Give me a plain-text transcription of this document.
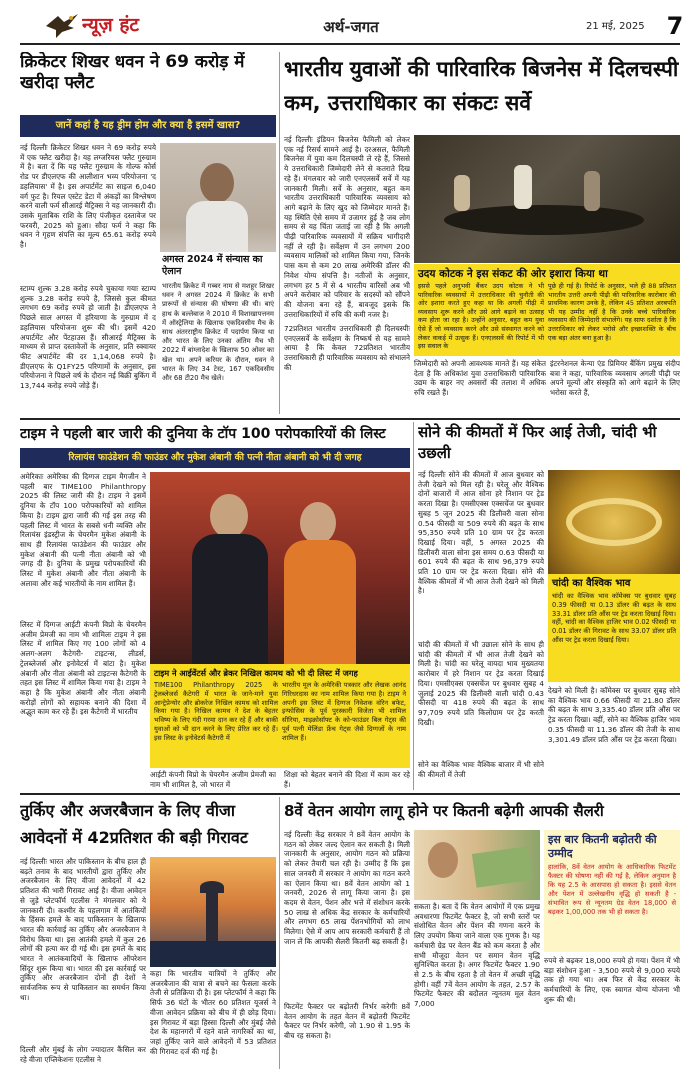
न्यूज़ हंट	अर्थ-जगत	21 मई, 2025 7
क्रिकेटर शिखर धवन ने 69 करोड़ में खरीदा फ्लैट
जानें कहां है यह ड्रीम होम और क्या है इसमें खास?
नई दिल्लीः क्रिकेटर शिखर धवन ने 69 करोड़ रुपये में एक फ्लैट खरीदा है। यह लग्जरियस फ्लैट गुरुग्राम में है। बता दें कि यह फ्लैट गुरुग्राम के गोल्फ कोर्स रोड पर डीएलएफ की आलीशान भव्य परियोजना 'द डहलियास' में है। इस अपार्टमेंट का साइज 6,040 वर्ग फुट है। रियल एस्टेट डेटा में अंकड़ों का विश्लेषण करने वाली फर्म सीआरई मैट्रिक्स ने यह जानकारी दी। उसके मुताबिक राशि के लिए पंजीकृत दस्तावेज पर फरवरी, 2025 को हुआ। सौदा फर्म ने कहा कि धवन ने गृहण संपत्ति का मूल्य 65.61 करोड़ रुपये है।
स्टाम्प शुल्क 3.28 करोड़ रुपये चुकाया गयाः स्टाम्प शुल्क 3.28 करोड़ रुपये है, जिससे कुल कीमत लगभग 69 करोड़ रुपये हो जाती है। डीएलएफ ने पिछले साल अगस्त में हरियाणा के गुरुग्राम में द डहलियास परियोजना शुरू की थी। इसमें 420 अपार्टमेंट और पेंटहाउस हैं। सीआरई मैट्रिक्स के माध्यम से प्राप्त दस्तावेजों के अनुसार, प्रति स्क्वायर फीट अपार्टमेंट की दर 1,14,068 रुपये है। डीएलएफ के Q1FY25 परिणामों के अनुसार, इस परियोजना ने पिछले वर्ष के दौरान नई बिक्री बुकिंग में 13,744 करोड़ रुपये जोड़े हैं।
अगस्त 2024 में संन्यास का ऐलान
भारतीय क्रिकेट में गब्बर नाम से मशहूर शिखर धवन ने अगस्त 2024 में क्रिकेट के सभी प्रारूपों से संन्यास की घोषणा की थी। बाएं हाथ के बल्लेबाज ने 2010 में विशाखापत्तनम में ऑस्ट्रेलिया के खिलाफ एकदिवसीय मैच के साथ अंतरराष्ट्रीय क्रिकेट में पदार्पण किया था और भारत के लिए उनका अंतिम मैच भी 2022 में बांग्लादेश के खिलाफ 50 ओवर का खेल था। अपने करियर के दौरान, धवन ने भारत के लिए 34 टेस्ट, 167 एकदिवसीय और 68 टी20 मैच खेले।
भारतीय युवाओं की पारिवारिक बिजनेस में दिलचस्पी कम, उत्तराधिकार का संकटः सर्वे
नई दिल्लीः इंडियन बिजनेस फैमिली को लेकर एक नई रिसर्च सामने आई है। दरअसल, फैमिली बिजनेस में युवा कम दिलचस्पी ले रहे हैं, जिससे ये उत्तराधिकारी जिम्मेदारी लेने से कतराते दिख रहे हैं। मंगलवार को जारी एनएलसर्वे सर्वे में यह जानकारी मिली। सर्वे के अनुसार, बहुत कम भारतीय उत्तराधिकारी पारिवारिक व्यवसाय को आगे बढ़ाने के लिए खुद को जिम्मेदार मानते हैं। यह स्थिति ऐसे समय में उजागर हुई है जब लोग समय से यह चिंता जताई जा रही है कि अगली पीढ़ी पारिवारिक व्यवसायों में सक्रिय भागीदारी नहीं ले रही है। सर्वेक्षण में उन लगभग 200 व्यवसाय मालिकों को शामिल किया गया, जिनके पास कम से कम 20 लाख अमेरिकी डॉलर की निवेश योग्य संपत्ति है। नतीजों के अनुसार, लगभग हर 5 में से 4 भारतीय वारिसों अब भी अपने करोबार को परिवार के सदस्यों को सौंपने की योजना बना रहे हैं, बावजूद इसके कि उत्तराधिकारियों में रुचि की कमी नजर है।
72प्रतिशत भारतीय उत्तराधिकारी ही दिलचस्पीः एनएलसर्वे के सर्वेक्षण के निष्कर्ष से यह सामने आया है कि केवल 72प्रतिशत भारतीय उत्तराधिकारी ही पारिवारिक व्यवसाय को संभालने की
उदय कोटक ने इस संकट की ओर इशारा किया था
इससे पहले अनुभवी बैंकर उदय कोटक ने भी पारिवारिक व्यवसायों में उत्तराधिकार की चुनौती की ओर इशारा करते हुए कहा था कि अगली पीढ़ी में व्यवसाय शुरू करने और उसे आगे बढ़ाने का उत्साह कम होता जा रहा है। उन्होंने अनुसार, बहुत कम युवा ऐसे हैं जो व्यवसाय करने और उसे संस्थागत करने को लेकर वाकई में उत्सुक हैं। एनएलसर्वे की रिपोर्ट में भी इस सवाल के
पूछे ही गई है। रिपोर्ट के अनुसार, भले ही 88 प्रतिशत भारतीय उत्तरी अपनी पीढ़ी की पारिवारिक कारोबार की प्राथमिक कारण उनके है, लेकिन 45 प्रतिशत अरबपति भी यह उम्मीद नहीं है कि उनके बच्चे पारिवारिक व्यवसाय की जिम्मेदारी संभालेंगे। यह साफ दर्शाता है कि उत्तराधिकार को लेकर भरोसे और इच्छाशक्ति के बीच एक बड़ा अंतर बना हुआ है।
जिम्मेदारी को अपनी आवश्यक मानते हैं। यह संकेत देता है कि अधिकांश युवा उत्तराधिकारी पारिवारिक उद्यम के बाहर नए अवसरों की तलाश में अधिक रुचि रखते हैं।
इंटरनेशनल केन्या एंड प्रिमियर बैंकिंग प्रमुख संदीप बत्रा ने कहा, पारिवारिक व्यवसाय अगली पीढ़ी पर अपने मूल्यों और संस्कृति को आगे बढ़ाने के लिए भरोसा करते हैं,
टाइम ने पहली बार जारी की दुनिया के टॉप 100 परोपकारियों की लिस्ट
रिलायंस फाउंडेशन की फाउंडर और मुकेश अंबानी की पत्नी नीता अंबानी को भी दी जगह
अमेरिकाः अमेरिका की दिग्गज टाइम मैगजीन ने पहली बार TIME100 Philanthropy 2025 की लिस्ट जारी की है। टाइम ने इसमें दुनिया के टॉप 100 परोपकारियों को शामिल किया है। टाइम द्वारा जारी की गई इस तरह की पहली लिस्ट में भारत के सबसे धनी व्यक्ति और रिलायंस इंडस्ट्रीज के चेयरमैन मुकेश अंबानी के साथ ही रिलायंस फाउंडेशन की फाउंडर और मुकेश अंबानी की पत्नी नीता अंबानी को भी जगह दी है। दुनिया के प्रमुख परोपकारियों की लिस्ट में मुकेश अंबानी और नीता अंबानी के अलावा और कई भारतीयों के नाम शामिल हैं।
लिस्ट में दिग्गज आईटी कंपनी विप्रो के चेयरमैन अजीम प्रेमजी का नाम भी शामिलः टाइम ने इस लिस्ट में शामिल किए गए 100 लोगों को 4 अलग-अलग कैटेगरी- टाइटन्स, लीडर्स, ट्रेलब्लेजर्स और इनोवेटर्स में बांटा है। मुकेश अंबानी और नीता अंबानी को टाइटन्स कैटेगरी के तहत इस लिस्ट में शामिल किया गया है। टाइम ने कहा है कि मुकेश अंबानी और नीता अंबानी करोड़ों लोगों को सहायक बनाने की दिशा में अद्भुत काम कर रहे हैं। इस कैटेगरी में भारतीय
टाइम ने आईवेंटर्स और ब्रेकर निखिल कामथ को भी दी लिस्ट में जगह
TIME100 Philanthropy 2025 के ट्रेलब्लेजर्स कैटेगरी में भारत के जाने-माने युवा आन्ट्रेप्रेन्योर और ब्रोकरेज निखिल कामथ को शामिल किया गया है। निखिल कामथ ने देश के बेहतर भविष्य के लिए गंदी गरमा दान कर रहे हैं और बाकी युवाओं को भी दान करने के लिए प्रेरित कर रहे हैं। इस लिस्ट के इनोवेटर्स कैटेगरी में
भारतीय मूल के अमेरिकी पत्रकार और लेखक आनंद गिरिधरदास का नाम शामिल किया गया है। टाइम ने अपनी इस लिस्ट में दिग्गज निवेशक वॉरेन बफेट, इन्फोसिस के पूर्व पुरस्कारी विजेता भी शामिल सीरिया, माइक्रोसॉफ्ट के को-फाउंडर बिल गेट्स की पूर्व पत्नी मेलिंडा फ्रेंच गेट्स जैसे दिग्गजों के नाम शामिल हैं।
आईटी कंपनी विप्रो के चेयरमैन अजीम प्रेमजी का नाम भी शामिल है, जो भारत में
शिक्षा को बेहतर बनाने की दिशा में काम कर रहे हैं।
सोने की कीमतों में फिर आई तेजी, चांदी भी उछली
नई दिल्लीः सोने की कीमतों में आज बुधवार को तेजी देखने को मिल रही है। घरेलू और वैश्विक दोनों बाजारों में आज सोना हरे निशान पर ट्रेड करता दिखा है। एमसीएक्स एक्सचेंज पर बुधवार सुबह 5 जून 2025 की डिलीवरी वाला सोना 0.54 फीसदी या 509 रुपये की बढ़त के साथ 95,350 रुपये प्रति 10 ग्राम पर ट्रेड करता दिखाई दिया। वहीं, 5 अगस्त 2025 की डिलीवरी वाला सोना इस समय 0.63 फीसदी या 601 रुपये की बढ़त के साथ 96,379 रुपये प्रति 10 ग्राम पर ट्रेड करता दिखा। सोने की वैश्विक कीमतों में भी आज तेजी देखने को मिली है।
चांदी का वैश्विक भाव
चांदी का वैश्विक भाव कॉमेक्स पर बुधवार सुबह 0.39 फीसदी या 0.13 डॉलर की बढ़त के साथ 33.31 डॉलर प्रति औंस पर ट्रेड करता दिखाई दिया। वहीं, चांदी का वैश्विक हाजिर भाव 0.02 फीसदी या 0.01 डॉलर की गिरावट के साथ 33.07 डॉलर प्रति औंस पर ट्रेड करता दिखाई दिया।
चांदी की कीमतों में भी उछालः सोने के साथ ही चांदी की कीमतों में भी आज तेजी देखने को मिली है। चांदी का घरेलू वायदा भाव मुख्यतया कारोबार में हरे निशान पर ट्रेड करता दिखाई दिया। एमसीएक्स एक्सचेंज पर बुधवार सुबह 4 जुलाई 2025 की डिलीवरी वाली चांदी 0.43 फीसदी या 418 रुपये की बढ़त के साथ 97,709 रुपये प्रति किलोग्राम पर ट्रेड करती दिखी।
सोने का वैश्विक भावः वैश्विक बाजार में भी सोने की कीमतों में तेजी
देखने को मिली है। कॉमेक्स पर बुधवार सुबह सोने का वैश्विक भाव 0.66 फीसदी या 21.80 डॉलर की बढ़त के साथ 3,335.40 डॉलर प्रति औंस पर ट्रेड करता दिखा। वहीं, सोने का वैश्विक हाजिर भाव 0.35 फीसदी या 11.36 डॉलर की तेजी के साथ 3,301.49 डॉलर प्रति औंस पर ट्रेड करता दिखा।
तुर्किए और अजरबैजान के लिए वीजा आवेदनों में 42प्रतिशत की बड़ी गिरावट
नई दिल्लीः भारत और पाकिस्तान के बीच हाल ही बढ़ते तनाव के बाद भारतीयों द्वारा तुर्किए और अजरबैजान के लिए वीजा आवेदनों में 42 प्रतिशत की भारी गिरावट आई है। वीजा आवेदन से जुड़े प्लेटफॉर्म एटलीस ने मंगलवार को ये जानकारी दी। कश्मीर के पहलगाम में आतंकियों के हिंसक हमले के बाद पाकिस्तान के खिलाफ भारत की कार्रवाई का तुर्किए और अजरबैजान ने विरोध किया था। इस आतंकी हमले में कुल 26 लोगों की हत्या कर दी गई थी। इस हमले के बाद भारत ने आतंकवादियों के खिलाफ ऑपरेशन सिंदूर शुरू किया था। भारत की इस कार्रवाई पर तुर्किए और अजरबैजान दोनों ही देशों ने सार्वजनिक रूप से पाकिस्तान का समर्थन किया था।
दिल्ली और मुंबई के लोग ज्यादातर कैंसिल कर रहे वीजा एप्लिकेशनः एटलीस ने
कहा कि भारतीय यात्रियों ने तुर्किए और अजरबैजान की यात्रा से बचने का फैसला करके तेजी से प्रतिक्रिया दी है। इस प्लेटफॉर्म ने कहा कि सिर्फ 36 घंटों के भीतर 60 प्रतिशत यूजर्स ने वीजा आवेदन प्रक्रिया को बीच में ही छोड़ दिया। इस गिरावट में बड़ा हिस्सा दिल्ली और मुंबई जैसे देश के महानगरों में रहने वाले नागरिकों का था, जहां तुर्किए जाने वाले आवेदनों में 53 प्रतिशत की गिरावट दर्ज की गई है।
8वें वेतन आयोग लागू होने पर कितनी बढ़ेगी आपकी सैलरी
नई दिल्लीः केंद्र सरकार ने 8वें वेतन आयोग के गठन को लेकर जल्द ऐलान कर सकती है। मिली जानकारी के अनुसार, आयोग गठन को प्रक्रिया को लेकर तैयारी चल रही है। उम्मीद हैं कि इस साल जनवरी में सरकार ने आयोग का गठन करने का ऐलान किया था। 8वें वेतन आयोग को 1 जनवरी, 2026 से लागू किया जाना है। इस कदम से वेतन, पेंशन और भत्ते में संशोधन करके 50 लाख से अधिक केंद्र सरकार के कर्मचारियों और लगभग 65 लाख पेंशनभोगियों को लाभ मिलेगा। ऐसे में आप आप सरकारी कर्मचारी हैं तो जान लें कि आपकी सैलरी कितनी बढ़ सकती है।
फिटमेंट फैक्टर पर बढ़ोतरी निर्भर करेगीः 8वें वेतन आयोग के तहत वेतन में बढ़ोतरी फिटमेंट फैक्टर पर निर्भर करेगी, जो 1.90 से 1.95 के बीच रह सकता है।
सकता है। बता दें कि वेतन आयोगों में एक प्रमुख अवधारणा फिटमेंट फैक्टर है, जो सभी स्तरों पर संशोधित वेतन और पेंशन की गणना करने के लिए उपयोग किया जाने वाला एक गुणक है। यह कर्मचारी ग्रेड पर वेतन बैंड को कम करता है और सभी मौजूदा वेतन पर समान वेतन वृद्धि सुनिश्चित करता है। अगर फिटमेंट फैक्टर 1.90 से 2.5 के बीच रहता है तो वेतन में अच्छी वृद्धि होगी। वहीं 7वें वेतन आयोग के तहत, 2.57 के फिटमेंट फैक्टर की बदौलत न्यूनतम मूल वेतन 7,000
इस बार कितनी बढ़ोतरी की उम्मीद
हालांकि, 8वें वेतन आयोग के आधिकारिक फिटमेंट फैक्टर की घोषणा नहीं की गई है, लेकिन अनुमान है कि यह 2.5 के आसपास हो सकता है। इससे वेतन और पेंशन में उल्लेखनीय वृद्धि हो सकती है - संभावित रूप से न्यूनतम ग्रेड वेतन 18,000 से बढ़कर 1,00,000 तक भी हो सकता है।
रुपये से बढ़कर 18,000 रुपये हो गया। पेंशन में भी बड़ा संशोधन हुआ - 3,500 रुपये से 9,000 रुपये तक हो गया था। अब फिर से केंद्र सरकार के कर्मचारियों के लिए, एक स्वागत योग्य योजना भी शुरू की थी।
